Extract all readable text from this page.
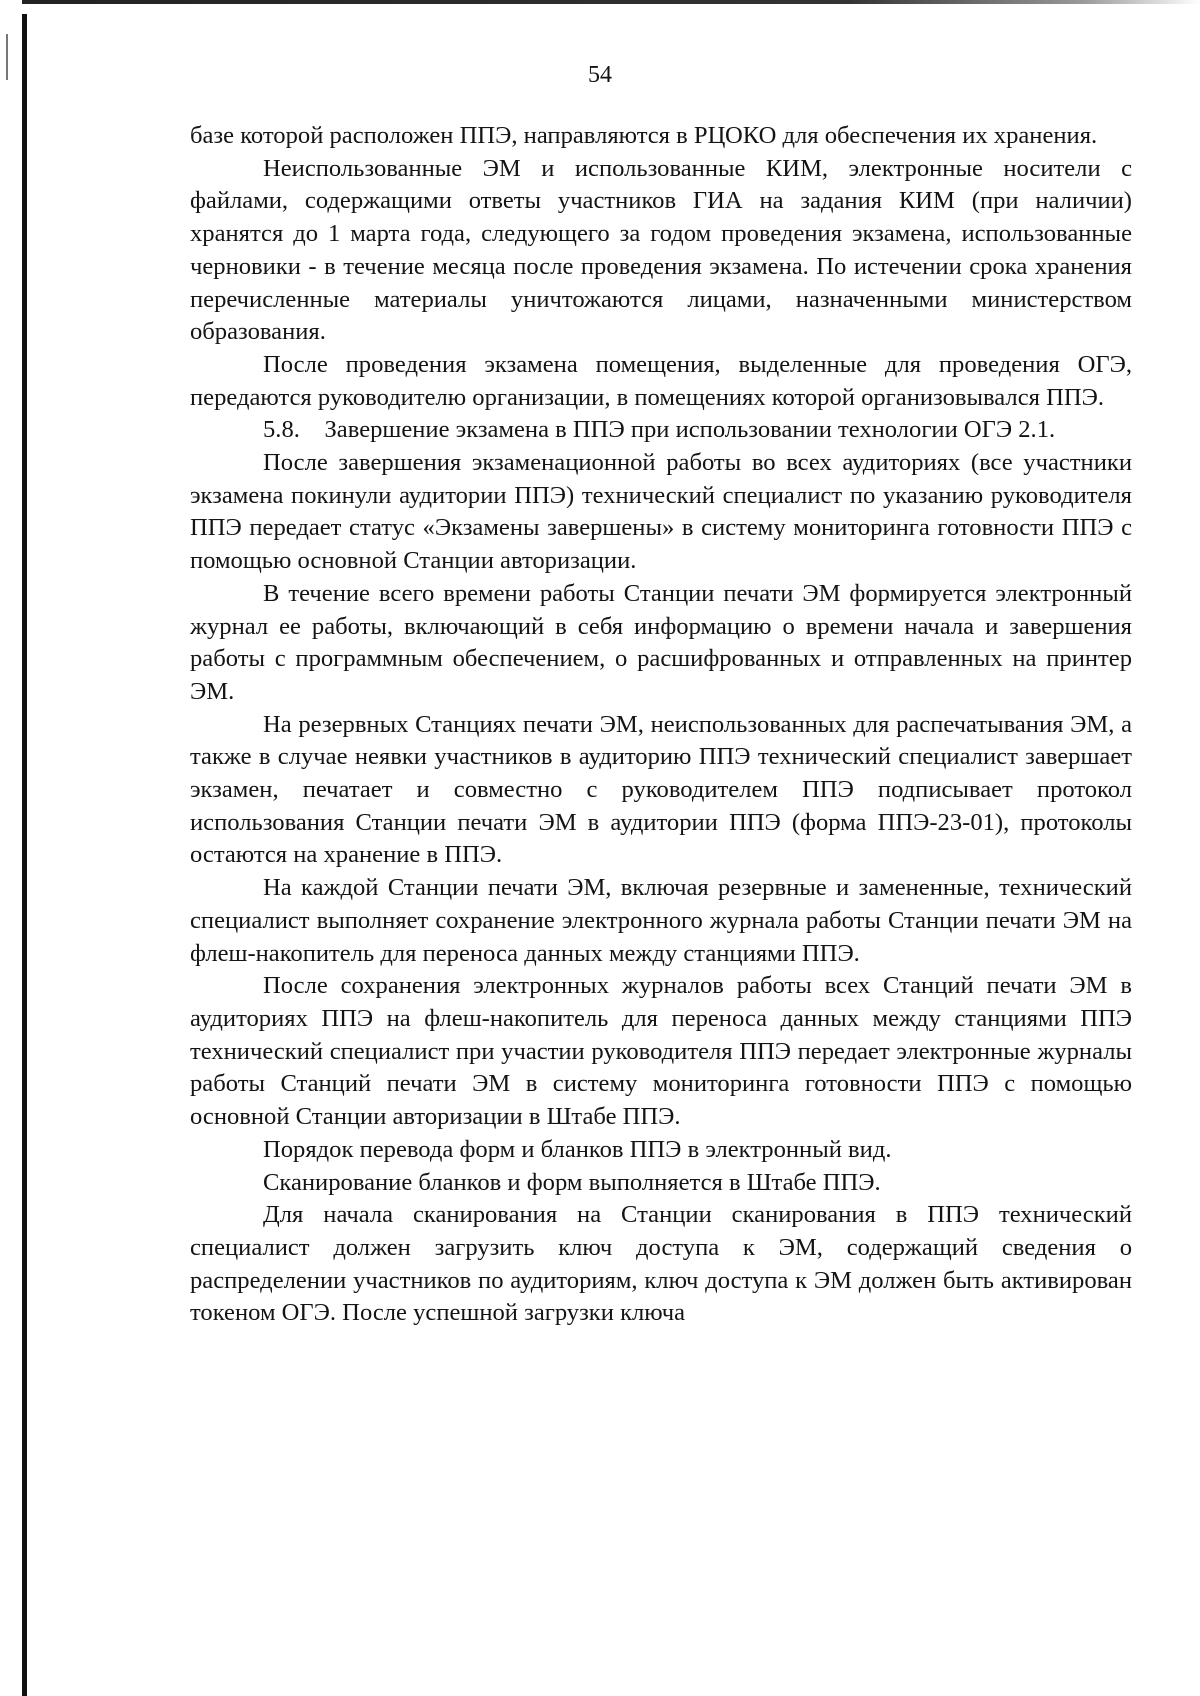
54

базе которой расположен ППЭ, направляются в РЦОКО для обеспечения их хранения.

Неиспользованные ЭМ и использованные КИМ, электронные носители с файлами, содержащими ответы участников ГИА на задания КИМ (при наличии) хранятся до 1 марта года, следующего за годом проведения экзамена, использованные черновики - в течение месяца после проведения экзамена. По истечении срока хранения перечисленные материалы уничтожаются лицами, назначенными министерством образования.

После проведения экзамена помещения, выделенные для проведения ОГЭ, передаются руководителю организации, в помещениях которой организовывался ППЭ.

5.8.    Завершение экзамена в ППЭ при использовании технологии ОГЭ 2.1.

После завершения экзаменационной работы во всех аудиториях (все участники экзамена покинули аудитории ППЭ) технический специалист по указанию руководителя ППЭ передает статус «Экзамены завершены» в систему мониторинга готовности ППЭ с помощью основной Станции авторизации.

В течение всего времени работы Станции печати ЭМ формируется электронный журнал ее работы, включающий в себя информацию о времени начала и завершения работы с программным обеспечением, о расшифрованных и отправленных на принтер ЭМ.

На резервных Станциях печати ЭМ, неиспользованных для распечатывания ЭМ, а также в случае неявки участников в аудиторию ППЭ технический специалист завершает экзамен, печатает и совместно с руководителем ППЭ подписывает протокол использования Станции печати ЭМ в аудитории ППЭ (форма ППЭ-23-01), протоколы остаются на хранение в ППЭ.

На каждой Станции печати ЭМ, включая резервные и замененные, технический специалист выполняет сохранение электронного журнала работы Станции печати ЭМ на флеш-накопитель для переноса данных между станциями ППЭ.

После сохранения электронных журналов работы всех Станций печати ЭМ в аудиториях ППЭ на флеш-накопитель для переноса данных между станциями ППЭ технический специалист при участии руководителя ППЭ передает электронные журналы работы Станций печати ЭМ в систему мониторинга готовности ППЭ с помощью основной Станции авторизации в Штабе ППЭ.

Порядок перевода форм и бланков ППЭ в электронный вид.

Сканирование бланков и форм выполняется в Штабе ППЭ.

Для начала сканирования на Станции сканирования в ППЭ технический специалист должен загрузить ключ доступа к ЭМ, содержащий сведения о распределении участников по аудиториям, ключ доступа к ЭМ должен быть активирован токеном ОГЭ. После успешной загрузки ключа
